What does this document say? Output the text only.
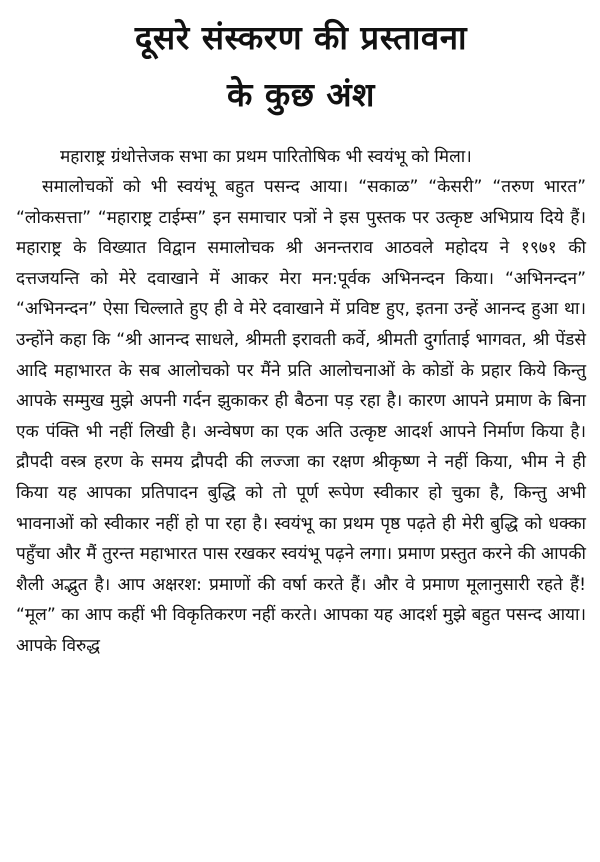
दूसरे संस्करण की प्रस्तावना
के कुछ अंश

महाराष्ट्र ग्रंथोत्तेजक सभा का प्रथम पारितोषिक भी स्वयंभू को मिला।

समालोचकों को भी स्वयंभू बहुत पसन्द आया। “सकाळ” “केसरी” “तरुण भारत” “लोकसत्ता” “महाराष्ट्र टाईम्स” इन समाचार पत्रों ने इस पुस्तक पर उत्कृष्ट अभिप्राय दिये हैं। महाराष्ट्र के विख्यात विद्वान समालोचक श्री अनन्तराव आठवले महोदय ने १९७१ की दत्तजयन्ति को मेरे दवाखाने में आकर मेरा मन:पूर्वक अभिनन्दन किया। “अभिनन्दन” “अभिनन्दन” ऐसा चिल्लाते हुए ही वे मेरे दवाखाने में प्रविष्ट हुए, इतना उन्हें आनन्द हुआ था। उन्होंने कहा कि “श्री आनन्द साधले, श्रीमती इरावती कर्वे, श्रीमती दुर्गाताई भागवत, श्री पेंडसे आदि महाभारत के सब आलोचको पर मैंने प्रति आलोचनाओं के कोडों के प्रहार किये किन्तु आपके सम्मुख मुझे अपनी गर्दन झुकाकर ही बैठना पड़ रहा है। कारण आपने प्रमाण के बिना एक पंक्ति भी नहीं लिखी है। अन्वेषण का एक अति उत्कृष्ट आदर्श आपने निर्माण किया है। द्रौपदी वस्त्र हरण के समय द्रौपदी की लज्जा का रक्षण श्रीकृष्ण ने नहीं किया, भीम ने ही किया यह आपका प्रतिपादन बुद्धि को तो पूर्ण रूपेण स्वीकार हो चुका है, किन्तु अभी भावनाओं को स्वीकार नहीं हो पा रहा है। स्वयंभू का प्रथम पृष्ठ पढ़ते ही मेरी बुद्धि को धक्का पहुँचा और मैं तुरन्त महाभारत पास रखकर स्वयंभू पढ़ने लगा। प्रमाण प्रस्तुत करने की आपकी शैली अद्भुत है। आप अक्षरश: प्रमाणों की वर्षा करते हैं। और वे प्रमाण मूलानुसारी रहते हैं! “मूल” का आप कहीं भी विकृतिकरण नहीं करते। आपका यह आदर्श मुझे बहुत पसन्द आया। आपके विरुद्ध
